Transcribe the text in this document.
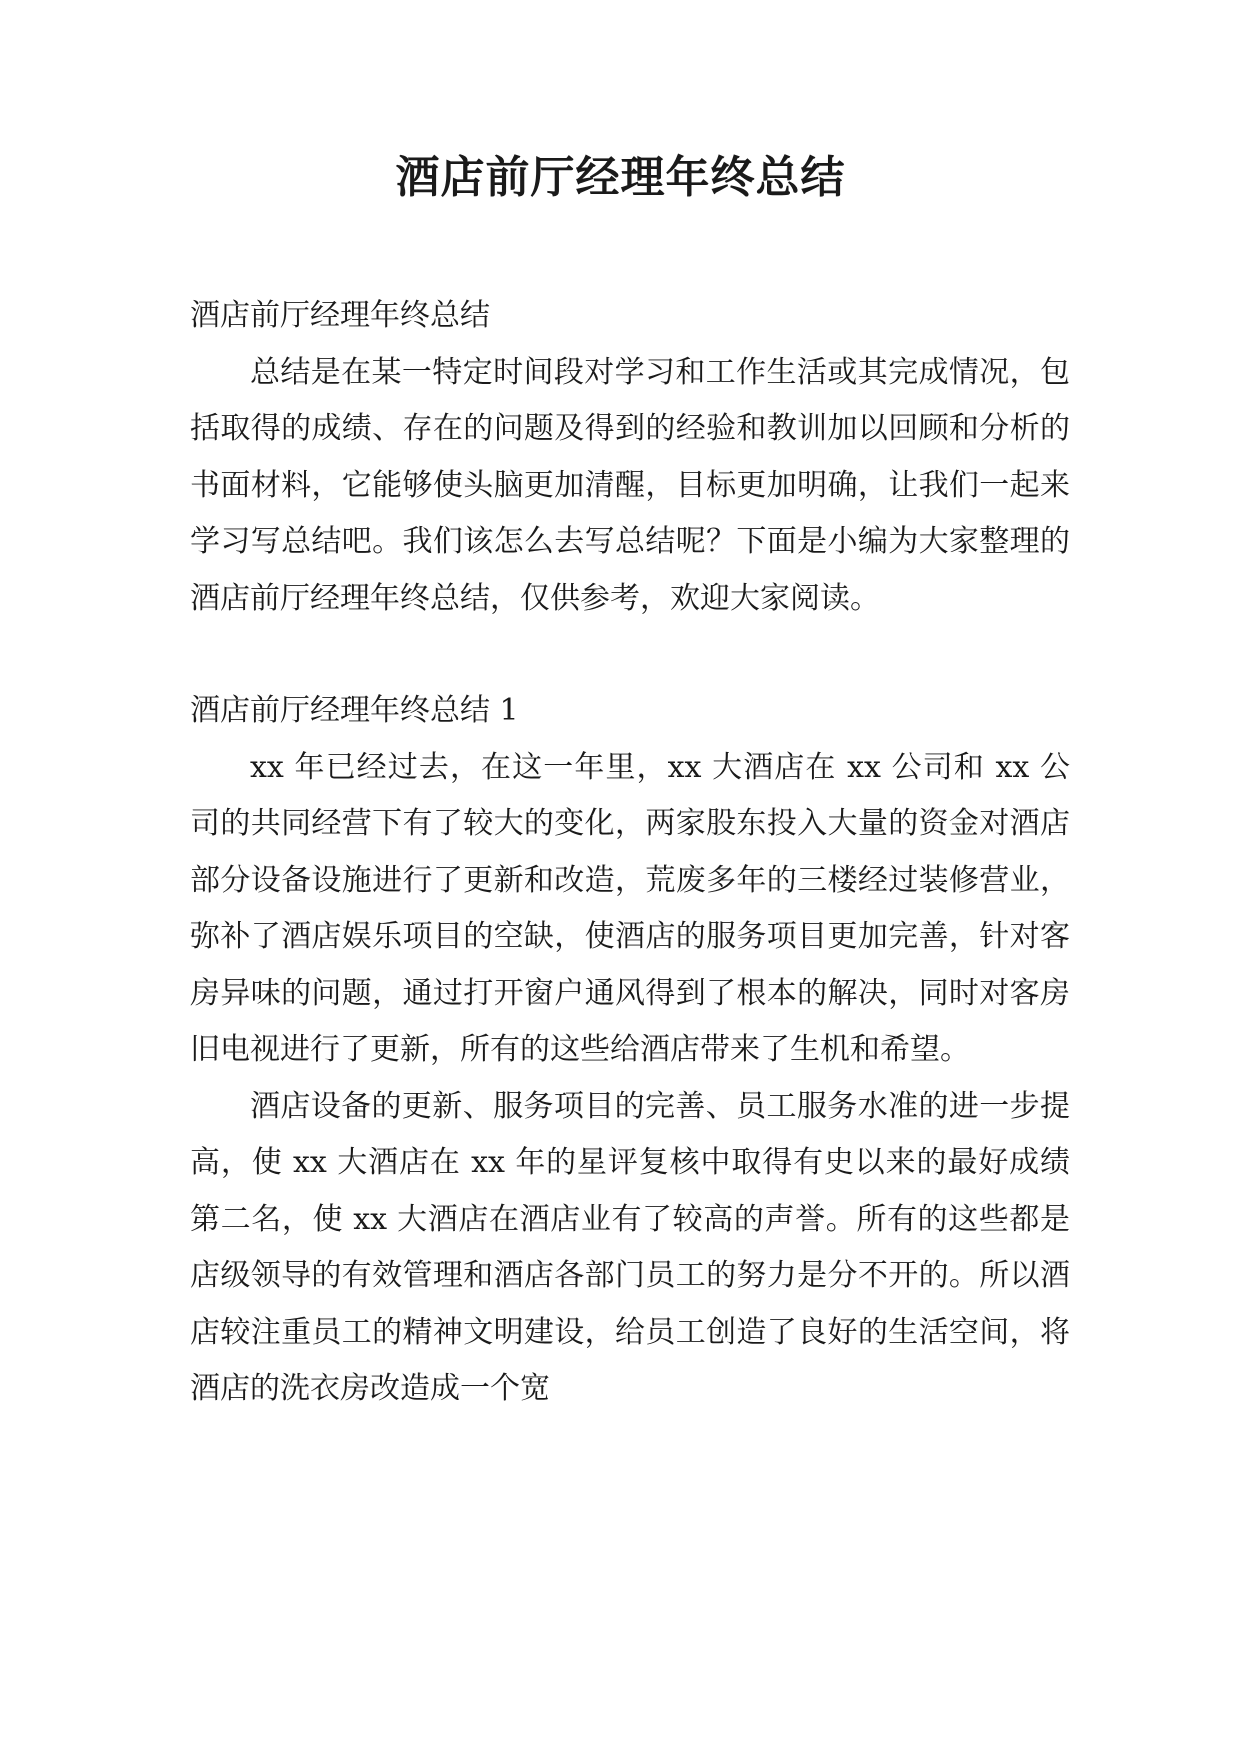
酒店前厅经理年终总结

酒店前厅经理年终总结

总结是在某一特定时间段对学习和工作生活或其完成情况，包括取得的成绩、存在的问题及得到的经验和教训加以回顾和分析的书面材料，它能够使头脑更加清醒，目标更加明确，让我们一起来学习写总结吧。我们该怎么去写总结呢？下面是小编为大家整理的酒店前厅经理年终总结，仅供参考，欢迎大家阅读。

酒店前厅经理年终总结 1

xx 年已经过去，在这一年里，xx 大酒店在 xx 公司和 xx 公司的共同经营下有了较大的变化，两家股东投入大量的资金对酒店部分设备设施进行了更新和改造，荒废多年的三楼经过装修营业，弥补了酒店娱乐项目的空缺，使酒店的服务项目更加完善，针对客房异味的问题，通过打开窗户通风得到了根本的解决，同时对客房旧电视进行了更新，所有的这些给酒店带来了生机和希望。

酒店设备的更新、服务项目的完善、员工服务水准的进一步提高，使 xx 大酒店在 xx 年的星评复核中取得有史以来的最好成绩第二名，使 xx 大酒店在酒店业有了较高的声誉。所有的这些都是店级领导的有效管理和酒店各部门员工的努力是分不开的。所以酒店较注重员工的精神文明建设，给员工创造了良好的生活空间，将酒店的洗衣房改造成一个宽
